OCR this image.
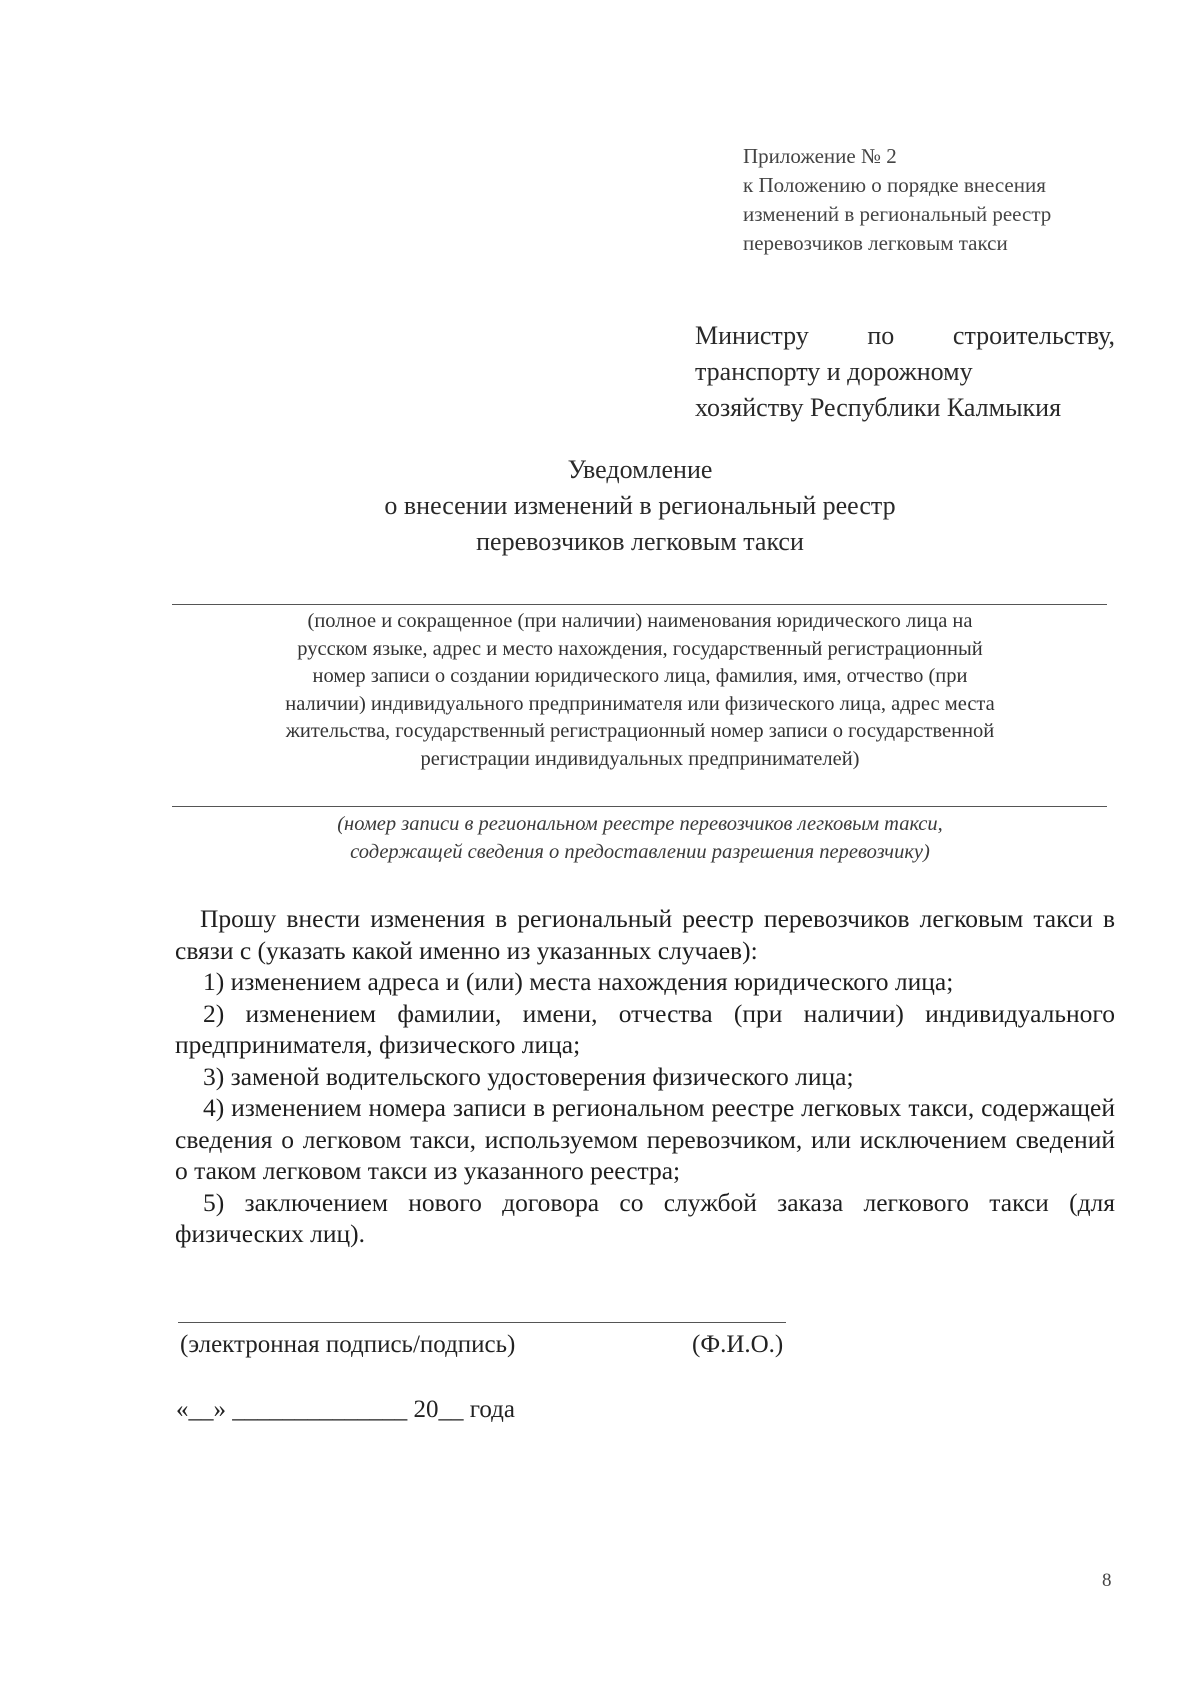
Приложение № 2
к Положению о порядке внесения
изменений в региональный реестр
перевозчиков легковым такси
Министру по строительству,
транспорту и дорожному
хозяйству Республики Калмыкия
Уведомление
о внесении изменений в региональный реестр
перевозчиков легковым такси
(полное и сокращенное (при наличии) наименования юридического лица на
русском языке, адрес и место нахождения, государственный регистрационный
номер записи о создании юридического лица, фамилия, имя, отчество (при
наличии) индивидуального предпринимателя или физического лица, адрес места
жительства, государственный регистрационный номер записи о государственной
регистрации индивидуальных предпринимателей)
(номер записи в региональном реестре перевозчиков легковым такси,
содержащей сведения о предоставлении разрешения перевозчику)
Прошу внести изменения в региональный реестр перевозчиков легковым такси в связи с (указать какой именно из указанных случаев):
1) изменением адреса и (или) места нахождения юридического лица;
2) изменением фамилии, имени, отчества (при наличии) индивидуального предпринимателя, физического лица;
3) заменой водительского удостоверения физического лица;
4) изменением номера записи в региональном реестре легковых такси, содержащей сведения о легковом такси, используемом перевозчиком, или исключением сведений о таком легковом такси из указанного реестра;
5) заключением нового договора со службой заказа легкового такси (для физических лиц).
(электронная подпись/подпись)	(Ф.И.О.)
«__» ______________ 20__ года
8
